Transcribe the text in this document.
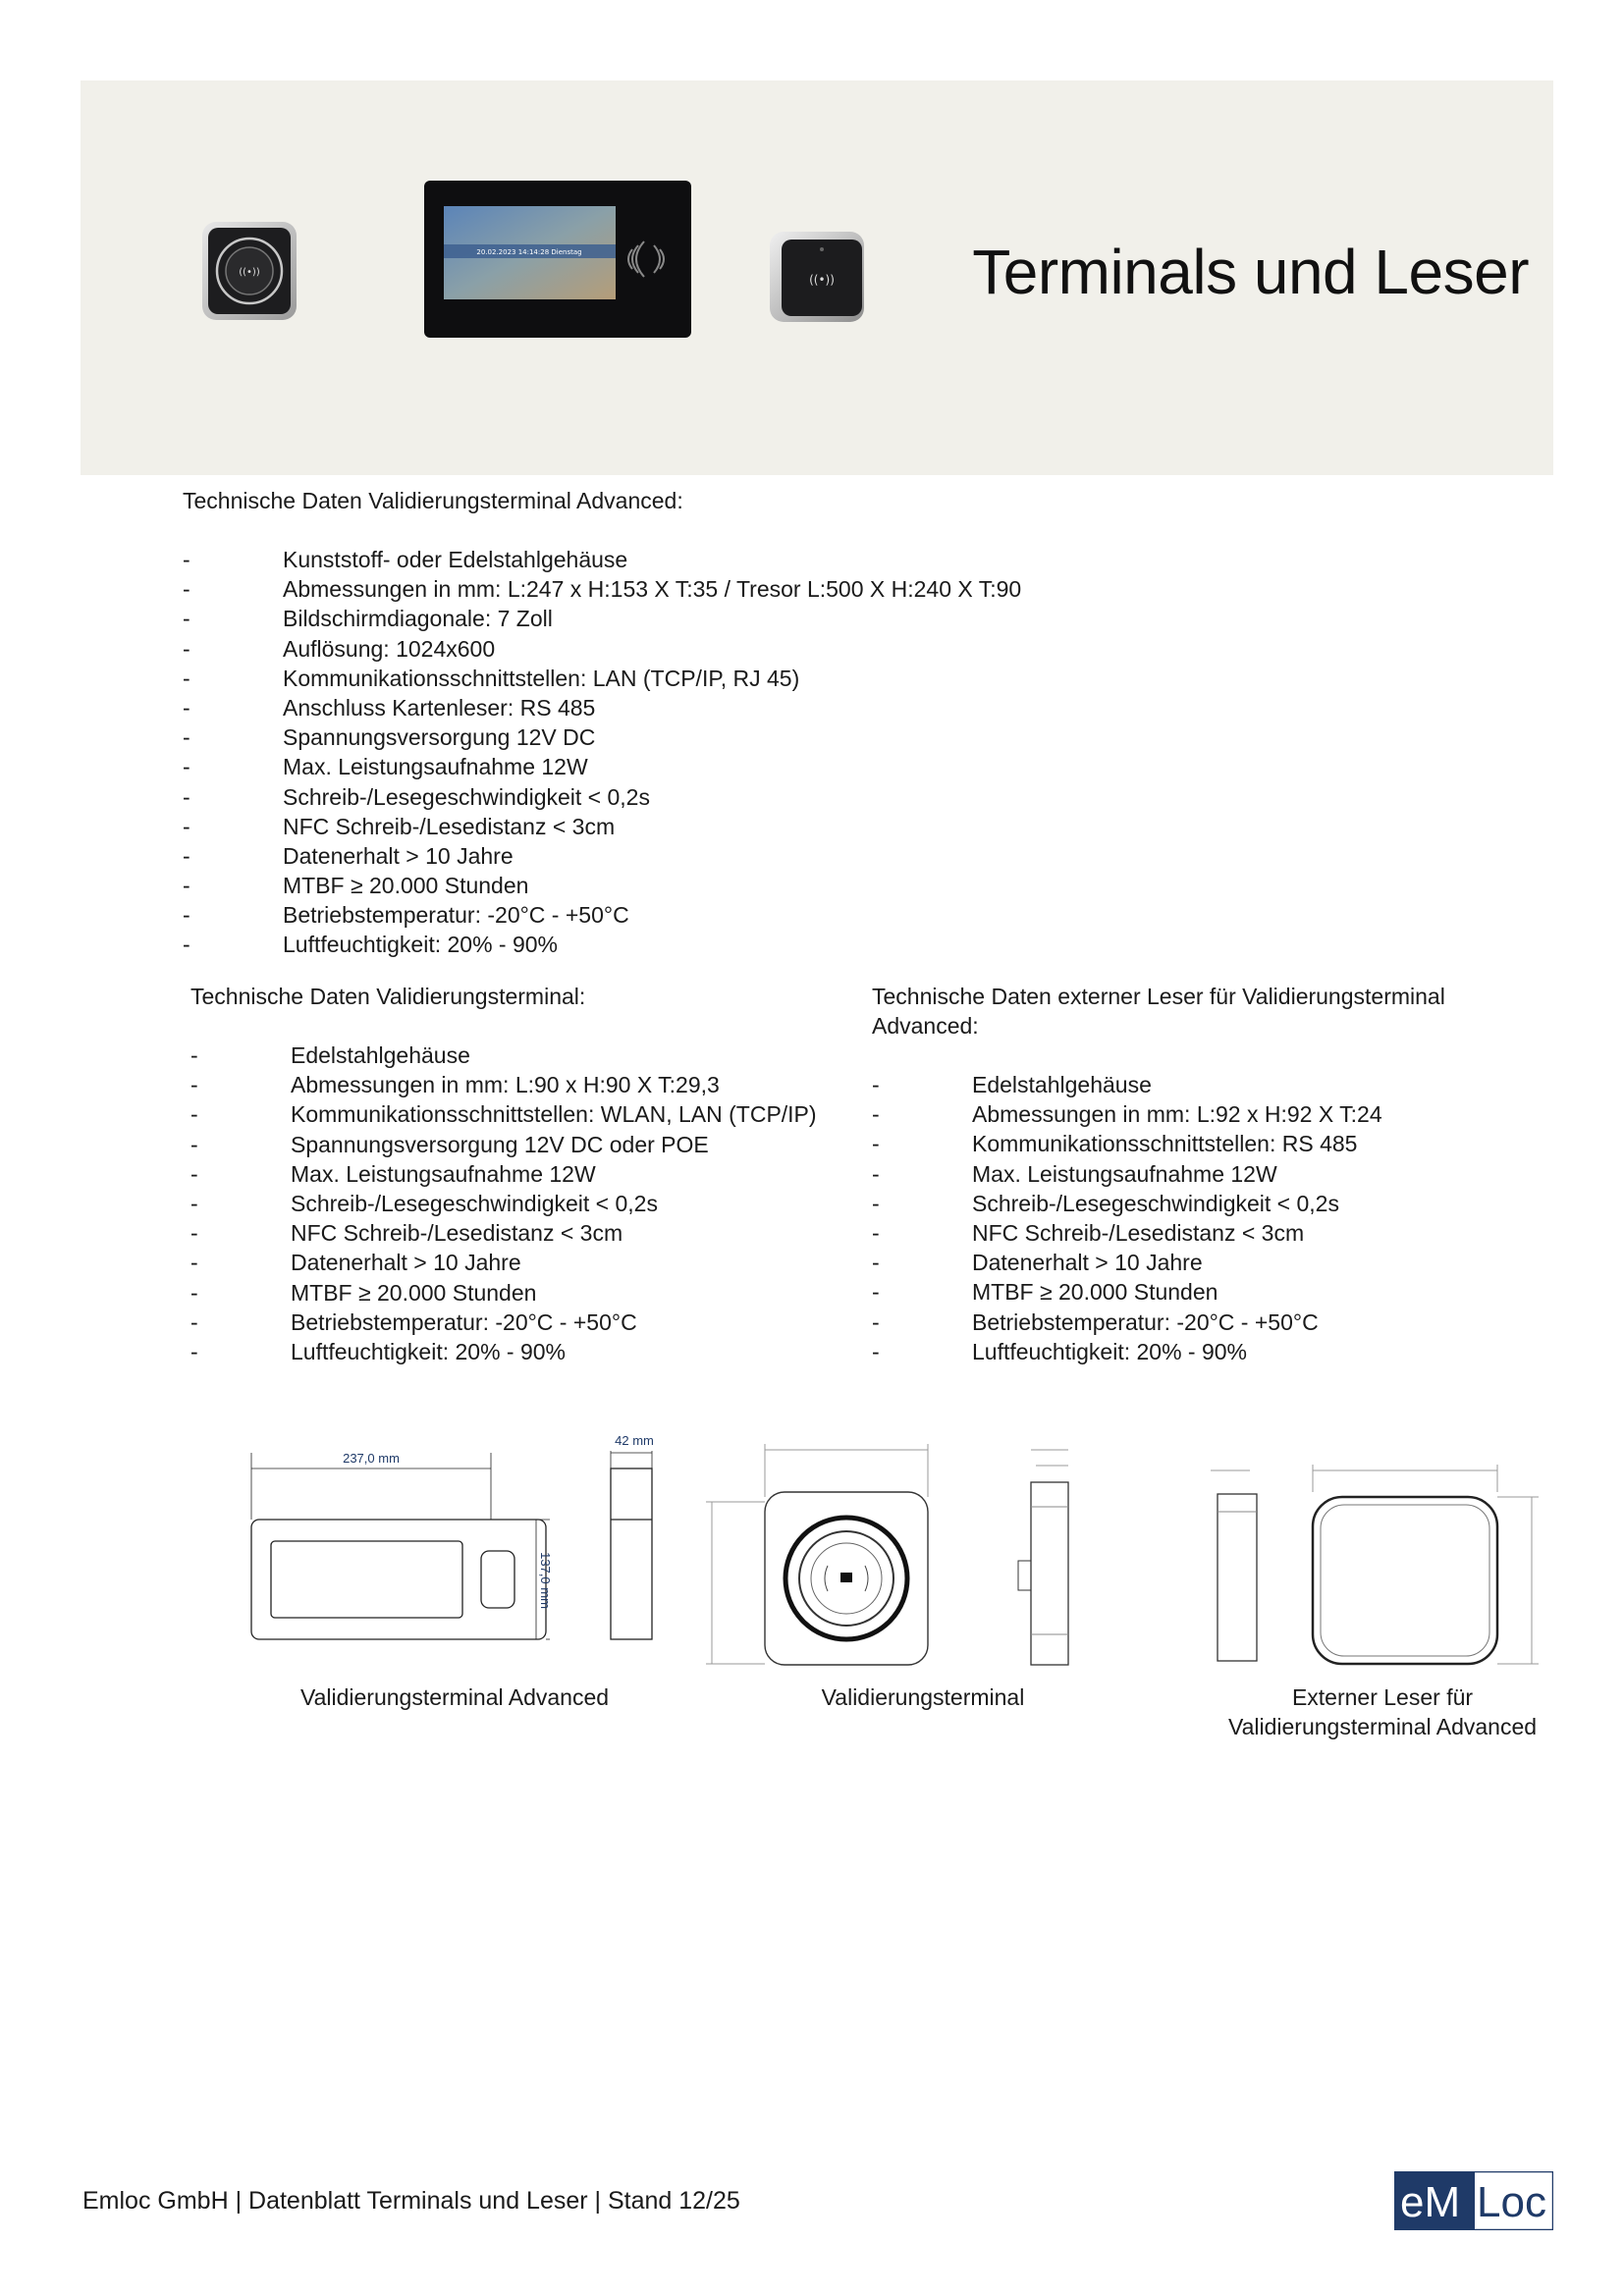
((•))
20.02.2023 14:14:28 Dienstag
((•)) Terminals und Leser
Technische Daten Validierungsterminal Advanced:
-	Kunststoff- oder Edelstahlgehäuse
-	Abmessungen in mm: L:247 x H:153 X T:35 / Tresor L:500 X H:240 X T:90
-	Bildschirmdiagonale: 7 Zoll
-	Auflösung: 1024x600
-	Kommunikationsschnittstellen: LAN (TCP/IP, RJ 45)
-	Anschluss Kartenleser: RS 485
-	Spannungsversorgung 12V DC
-	Max. Leistungsaufnahme 12W
-	Schreib-/Lesegeschwindigkeit < 0,2s
-	NFC Schreib-/Lesedistanz < 3cm
-	Datenerhalt > 10 Jahre
-	MTBF ≥ 20.000 Stunden
-	Betriebstemperatur: -20°C - +50°C
-	Luftfeuchtigkeit: 20% - 90%
Technische Daten Validierungsterminal:
-	Edelstahlgehäuse
-	Abmessungen in mm: L:90 x H:90 X T:29,3
-	Kommunikationsschnittstellen: WLAN, LAN (TCP/IP)
-	Spannungsversorgung 12V DC oder POE
-	Max. Leistungsaufnahme 12W
-	Schreib-/Lesegeschwindigkeit < 0,2s
-	NFC Schreib-/Lesedistanz < 3cm
-	Datenerhalt > 10 Jahre
-	MTBF ≥ 20.000 Stunden
-	Betriebstemperatur: -20°C - +50°C
-	Luftfeuchtigkeit: 20% - 90%
Technische Daten externer Leser für Validierungsterminal
Advanced:
-	Edelstahlgehäuse
-	Abmessungen in mm: L:92 x H:92 X T:24
-	Kommunikationsschnittstellen: RS 485
-	Max. Leistungsaufnahme 12W
-	Schreib-/Lesegeschwindigkeit < 0,2s
-	NFC Schreib-/Lesedistanz < 3cm
-	Datenerhalt > 10 Jahre
-	MTBF ≥ 20.000 Stunden
-	Betriebstemperatur: -20°C - +50°C
-	Luftfeuchtigkeit: 20% - 90%
237,0 mm
42 mm
137,0 mm
Validierungsterminal Advanced	Validierungsterminal	Externer Leser für
Validierungsterminal Advanced
Emloc GmbH | Datenblatt Terminals und Leser | Stand 12/25	eM Loc
